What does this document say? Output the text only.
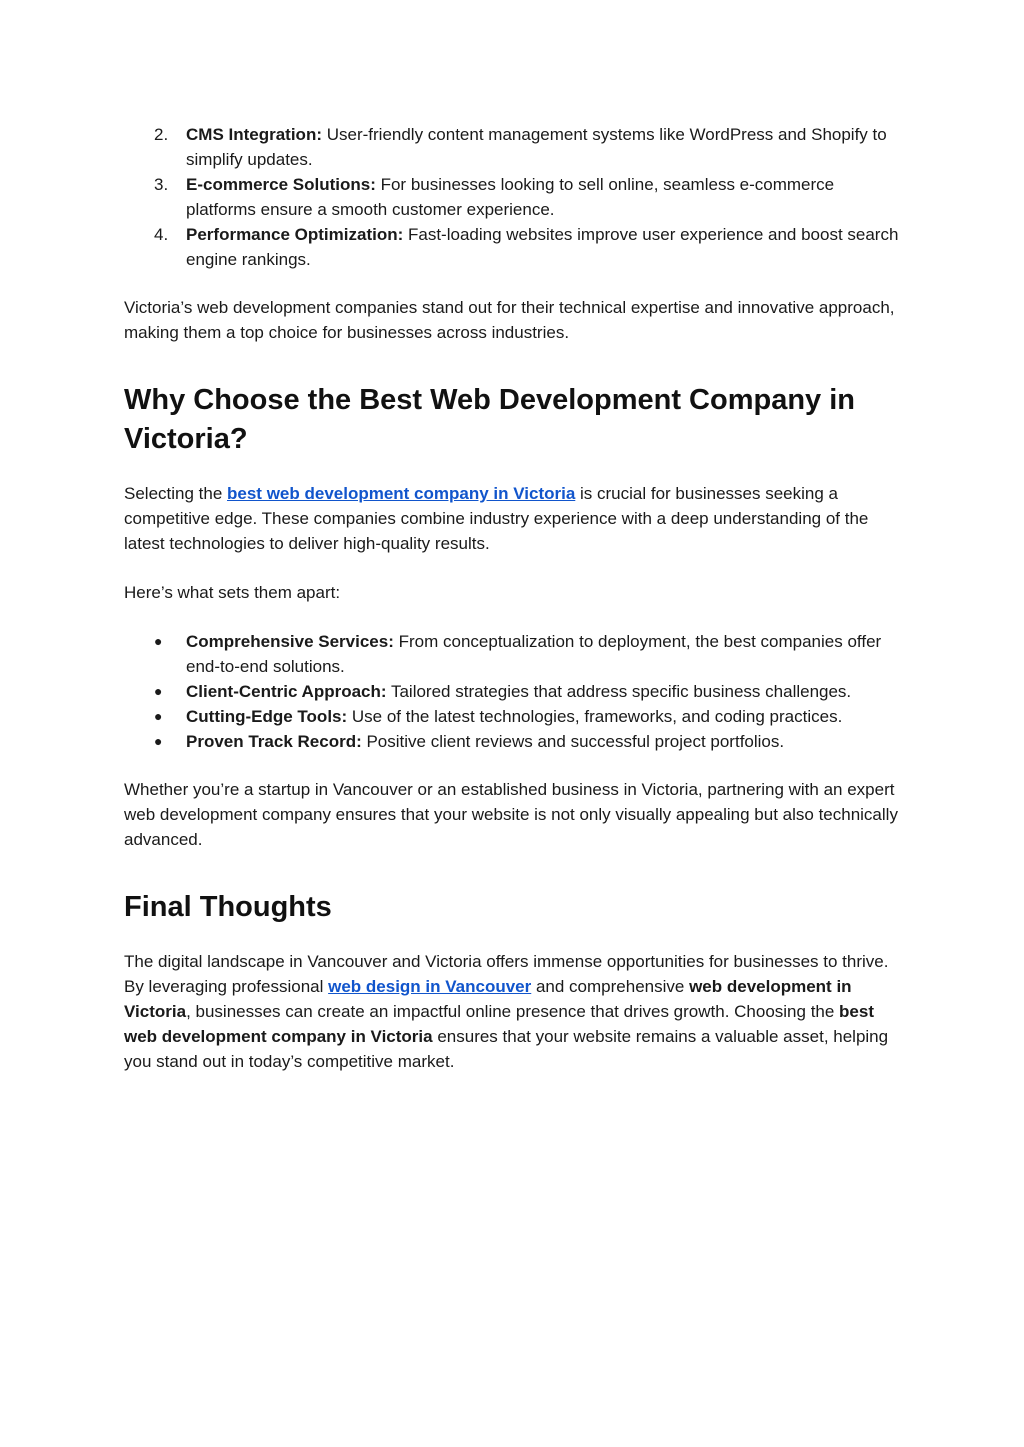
2. CMS Integration: User-friendly content management systems like WordPress and Shopify to simplify updates.

3. E-commerce Solutions: For businesses looking to sell online, seamless e-commerce platforms ensure a smooth customer experience.

4. Performance Optimization: Fast-loading websites improve user experience and boost search engine rankings.

Victoria’s web development companies stand out for their technical expertise and innovative approach, making them a top choice for businesses across industries.

Why Choose the Best Web Development Company in Victoria?

Selecting the best web development company in Victoria is crucial for businesses seeking a competitive edge. These companies combine industry experience with a deep understanding of the latest technologies to deliver high-quality results.

Here’s what sets them apart:

● Comprehensive Services: From conceptualization to deployment, the best companies offer end-to-end solutions.

● Client-Centric Approach: Tailored strategies that address specific business challenges.

● Cutting-Edge Tools: Use of the latest technologies, frameworks, and coding practices.

● Proven Track Record: Positive client reviews and successful project portfolios.

Whether you’re a startup in Vancouver or an established business in Victoria, partnering with an expert web development company ensures that your website is not only visually appealing but also technically advanced.

Final Thoughts

The digital landscape in Vancouver and Victoria offers immense opportunities for businesses to thrive. By leveraging professional web design in Vancouver and comprehensive web development in Victoria, businesses can create an impactful online presence that drives growth. Choosing the best web development company in Victoria ensures that your website remains a valuable asset, helping you stand out in today’s competitive market.
